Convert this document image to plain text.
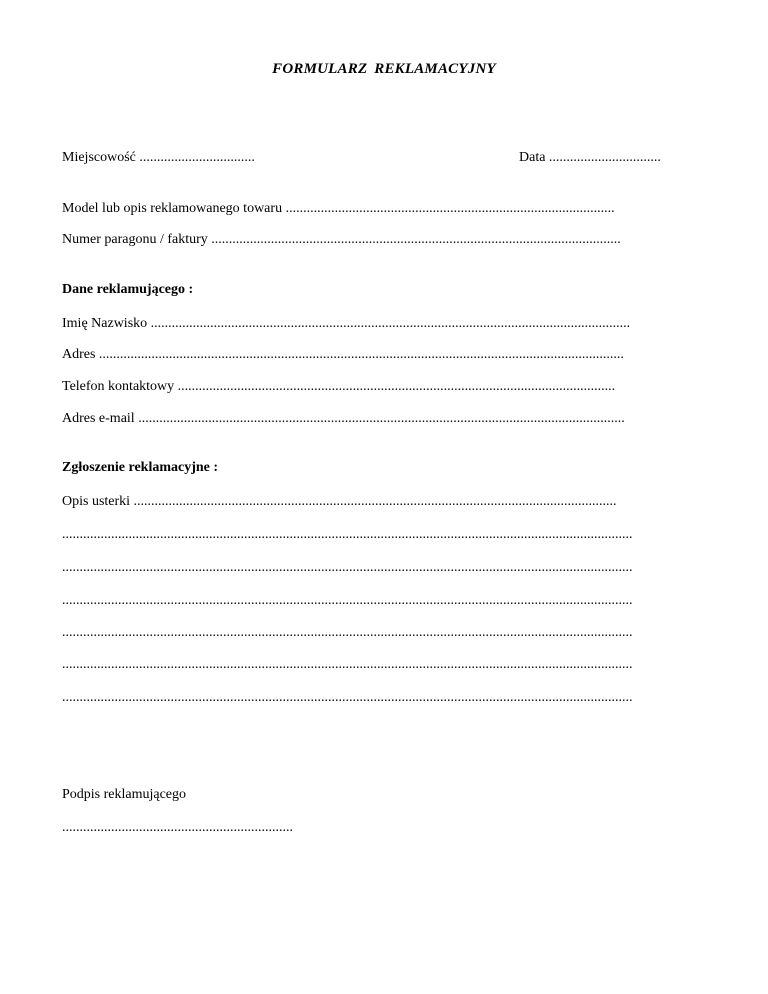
FORMULARZ REKLAMACYJNY
Miejscowość .................................	Data ................................
Model lub opis reklamowanego towaru ..............................................................................................
Numer paragonu / faktury .....................................................................................................................
Dane reklamującego :
Imię Nazwisko .........................................................................................................................................
Adres ......................................................................................................................................................
Telefon kontaktowy .............................................................................................................................
Adres e-mail ...........................................................................................................................................
Zgłoszenie reklamacyjne :
Opis usterki ..........................................................................................................................................
...................................................................................................................................................................
...................................................................................................................................................................
...................................................................................................................................................................
...................................................................................................................................................................
...................................................................................................................................................................
...................................................................................................................................................................
Podpis reklamującego
..................................................................
